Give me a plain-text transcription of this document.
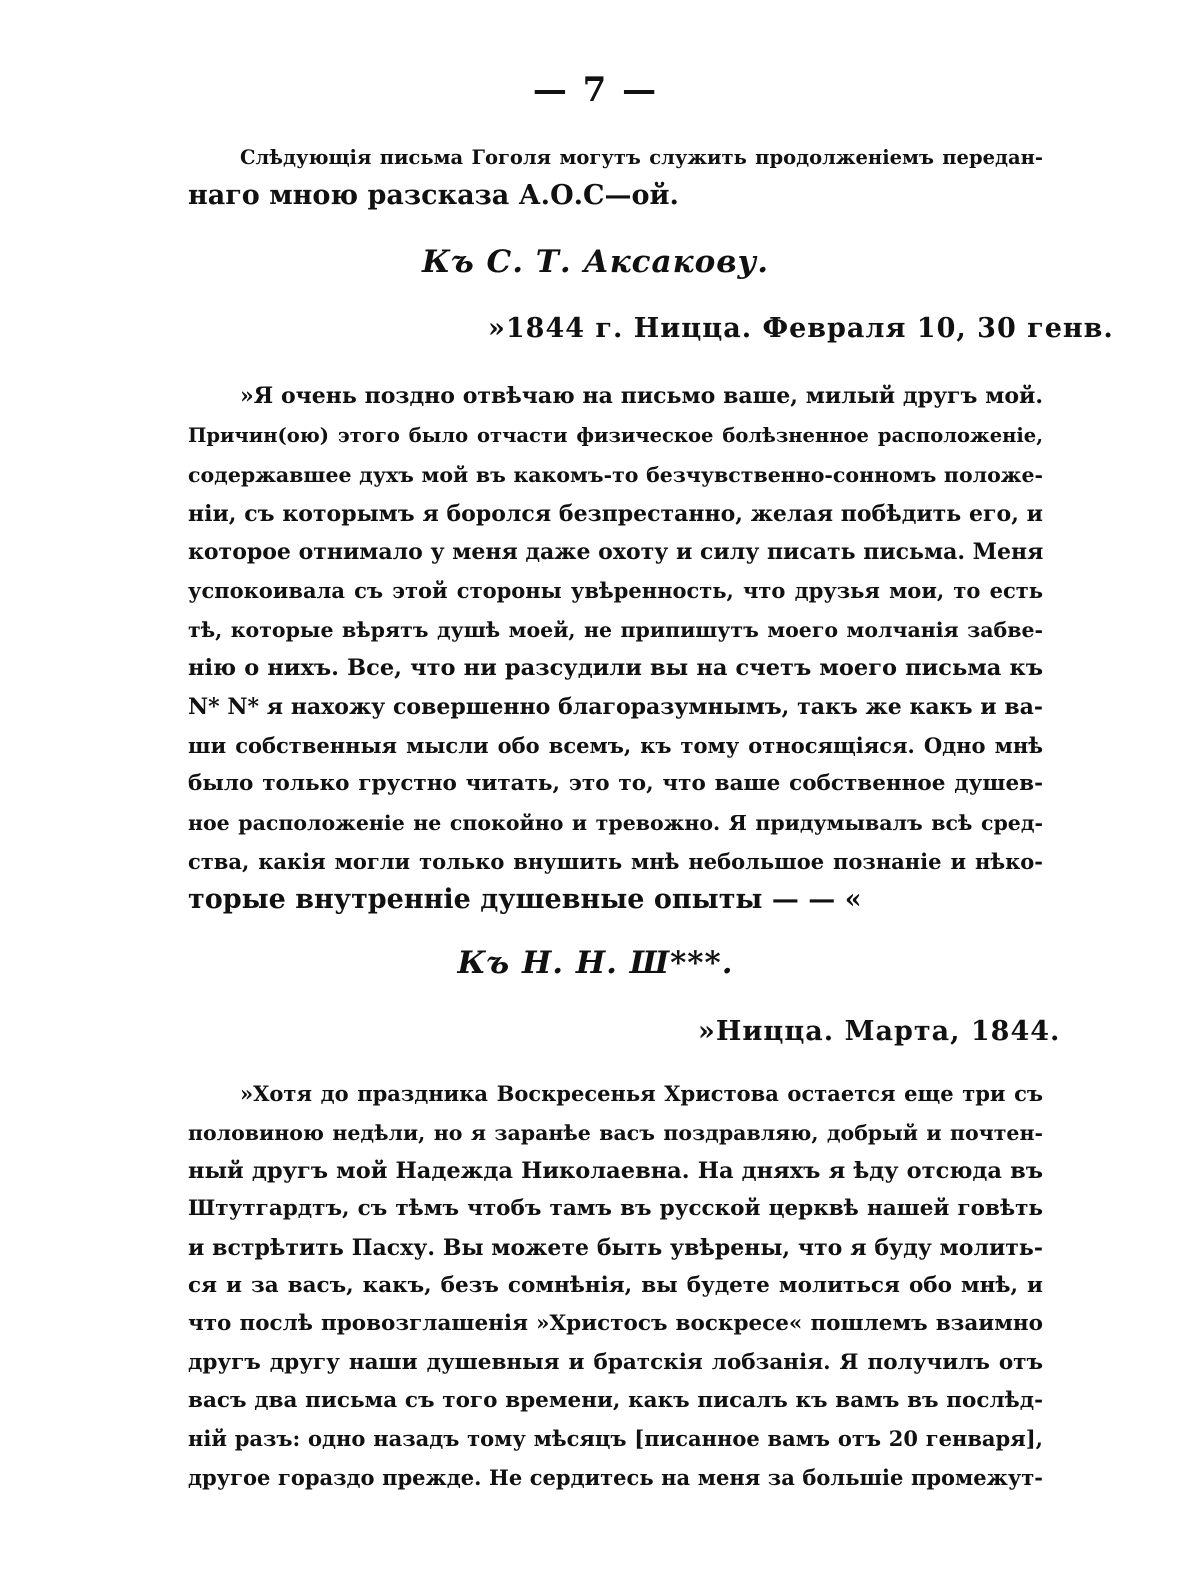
— 7 —
Слѣдующія письма Гоголя могутъ служить продолженіемъ передан-
наго мною разсказа А.О.С—ой.
Къ С. Т. Аксакову.
»1844 г. Ницца. Февраля 10, 30 генв.
»Я очень поздно отвѣчаю на письмо ваше, милый другъ мой.
Причин(ою) этого было отчасти физическое болѣзненное расположеніе,
содержавшее духъ мой въ какомъ-то безчувственно-сонномъ положе-
ніи, съ которымъ я боролся безпрестанно, желая побѣдить его, и
которое отнимало у меня даже охоту и силу писать письма. Меня
успокоивала съ этой стороны увѣренность, что друзья мои, то есть
тѣ, которые вѣрятъ душѣ моей, не припишутъ моего молчанія забве-
нію о нихъ. Все, что ни разсудили вы на счетъ моего письма къ
N* N* я нахожу совершенно благоразумнымъ, такъ же какъ и ва-
ши собственныя мысли обо всемъ, къ тому относящіяся. Одно мнѣ
было только грустно читать, это то, что ваше собственное душев-
ное расположеніе не спокойно и тревожно. Я придумывалъ всѣ сред-
ства, какія могли только внушить мнѣ небольшое познаніе и нѣко-
торые внутренніе душевные опыты — — «
Къ Н. Н. Ш***.
»Ницца. Марта, 1844.
»Хотя до праздника Воскресенья Христова остается еще три съ
половиною недѣли, но я заранѣе васъ поздравляю, добрый и почтен-
ный другъ мой Надежда Николаевна. На дняхъ я ѣду отсюда въ
Штутгардтъ, съ тѣмъ чтобъ тамъ въ русской церквѣ нашей говѣть
и встрѣтить Пасху. Вы можете быть увѣрены, что я буду молить-
ся и за васъ, какъ, безъ сомнѣнія, вы будете молиться обо мнѣ, и
что послѣ провозглашенія »Христосъ воскресе« пошлемъ взаимно
другъ другу наши душевныя и братскія лобзанія. Я получилъ отъ
васъ два письма съ того времени, какъ писалъ къ вамъ въ послѣд-
ній разъ: одно назадъ тому мѣсяцъ [писанное вамъ отъ 20 генваря],
другое гораздо прежде. Не сердитесь на меня за большіе промежут-
